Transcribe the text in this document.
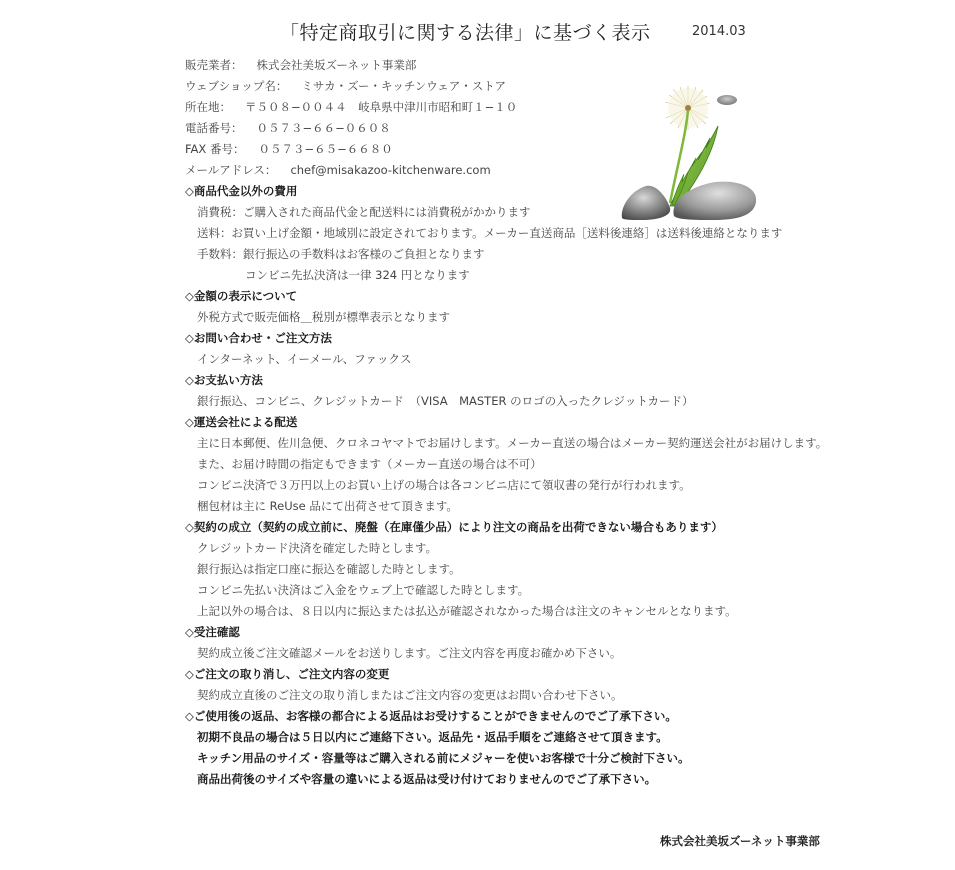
「特定商取引に関する法律」に基づく表示	2014.03
販売業者： 株式会社美坂ズーネット事業部
ウェブショップ名： ミサカ・ズー・キッチンウェア・ストア
所在地： 〒５０８−００４４　岐阜県中津川市昭和町１−１０
電話番号： ０５７３−６６−０６０８
FAX 番号： ０５７３−６５−６６８０
メールアドレス： chef@misakazoo-kitchenware.com
◇商品代金以外の費用
消費税：ご購入された商品代金と配送料には消費税がかかります
送料：お買い上げ金額・地域別に設定されております。メーカー直送商品［送料後連絡］は送料後連絡となります
手数料：銀行振込の手数料はお客様のご負担となります
コンビニ先払決済は一律 324 円となります
◇金額の表示について
外税方式で販売価格＿税別が標準表示となります
◇お問い合わせ・ご注文方法
インターネット、イーメール、ファックス
◇お支払い方法
銀行振込、コンビニ、クレジットカード　（VISA　MASTER のロゴの入ったクレジットカード）
◇運送会社による配送
主に日本郵便、佐川急便、クロネコヤマトでお届けします。メーカー直送の場合はメーカー契約運送会社がお届けします。
また、お届け時間の指定もできます（メーカー直送の場合は不可）
コンビニ決済で３万円以上のお買い上げの場合は各コンビニ店にて領収書の発行が行われます。
梱包材は主に ReUse 品にて出荷させて頂きます。
◇契約の成立（契約の成立前に、廃盤（在庫僅少品）により注文の商品を出荷できない場合もあります）
クレジットカード決済を確定した時とします。
銀行振込は指定口座に振込を確認した時とします。
コンビニ先払い決済はご入金をウェブ上で確認した時とします。
上記以外の場合は、８日以内に振込または払込が確認されなかった場合は注文のキャンセルとなります。
◇受注確認
契約成立後ご注文確認メールをお送りします。ご注文内容を再度お確かめ下さい。
◇ご注文の取り消し、ご注文内容の変更
契約成立直後のご注文の取り消しまたはご注文内容の変更はお問い合わせ下さい。
◇ご使用後の返品、お客様の都合による返品はお受けすることができませんのでご了承下さい。
初期不良品の場合は５日以内にご連絡下さい。返品先・返品手順をご連絡させて頂きます。
キッチン用品のサイズ・容量等はご購入される前にメジャーを使いお客様で十分ご検討下さい。
商品出荷後のサイズや容量の違いによる返品は受け付けておりませんのでご了承下さい。
株式会社美坂ズーネット事業部
